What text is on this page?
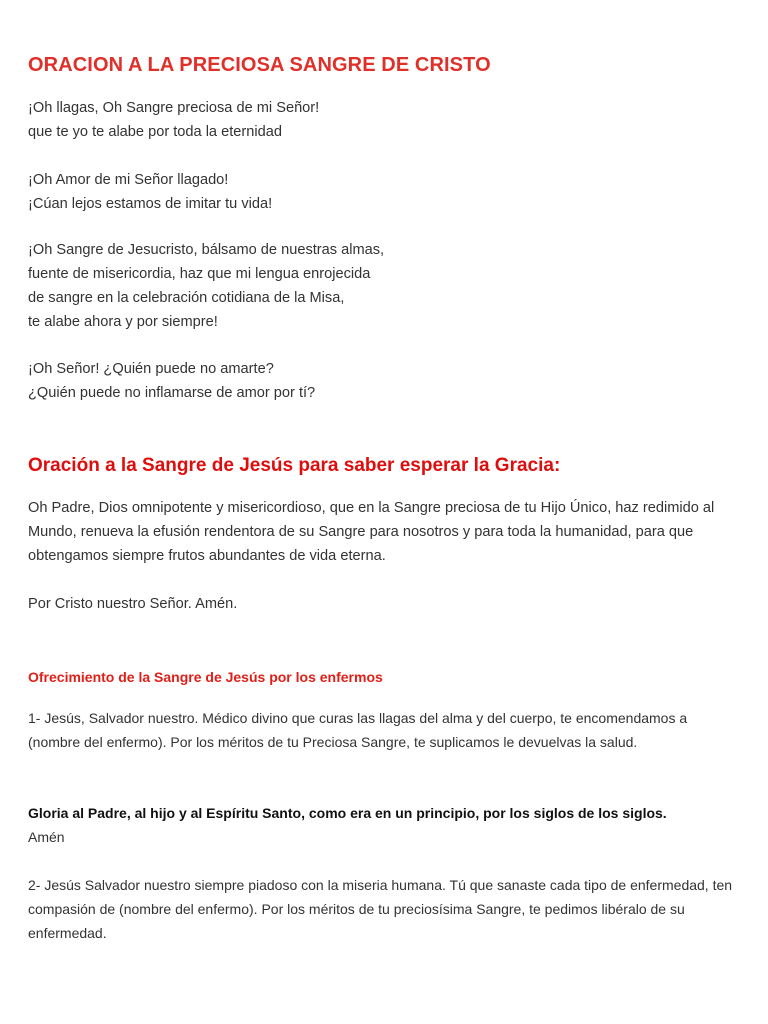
ORACION A LA PRECIOSA SANGRE DE CRISTO

¡Oh llagas, Oh Sangre preciosa de mi Señor!
que te yo te alabe por toda la eternidad

¡Oh Amor de mi Señor llagado!
¡Cúan lejos estamos de imitar tu vida!

¡Oh Sangre de Jesucristo, bálsamo de nuestras almas,
fuente de misericordia, haz que mi lengua enrojecida
de sangre en la celebración cotidiana de la Misa,
te alabe ahora y por siempre!

¡Oh Señor! ¿Quién puede no amarte?
¿Quién puede no inflamarse de amor por tí?

Oración a la Sangre de Jesús para saber esperar la Gracia:

Oh Padre, Dios omnipotente y misericordioso, que en la Sangre preciosa de tu Hijo Único, haz redimido al Mundo, renueva la efusión rendentora de su Sangre para nosotros y para toda la humanidad, para que obtengamos siempre frutos abundantes de vida eterna.

Por Cristo nuestro Señor. Amén.

Ofrecimiento de la Sangre de Jesús por los enfermos

1- Jesús, Salvador nuestro. Médico divino que curas las llagas del alma y del cuerpo, te encomendamos a (nombre del enfermo). Por los méritos de tu Preciosa Sangre, te suplicamos le devuelvas la salud.

Gloria al Padre, al hijo y al Espíritu Santo, como era en un principio, por los siglos de los siglos.
Amén

2- Jesús Salvador nuestro siempre piadoso con la miseria humana. Tú que sanaste cada tipo de enfermedad, ten compasión de (nombre del enfermo). Por los méritos de tu preciosísima Sangre, te pedimos libéralo de su enfermedad.
